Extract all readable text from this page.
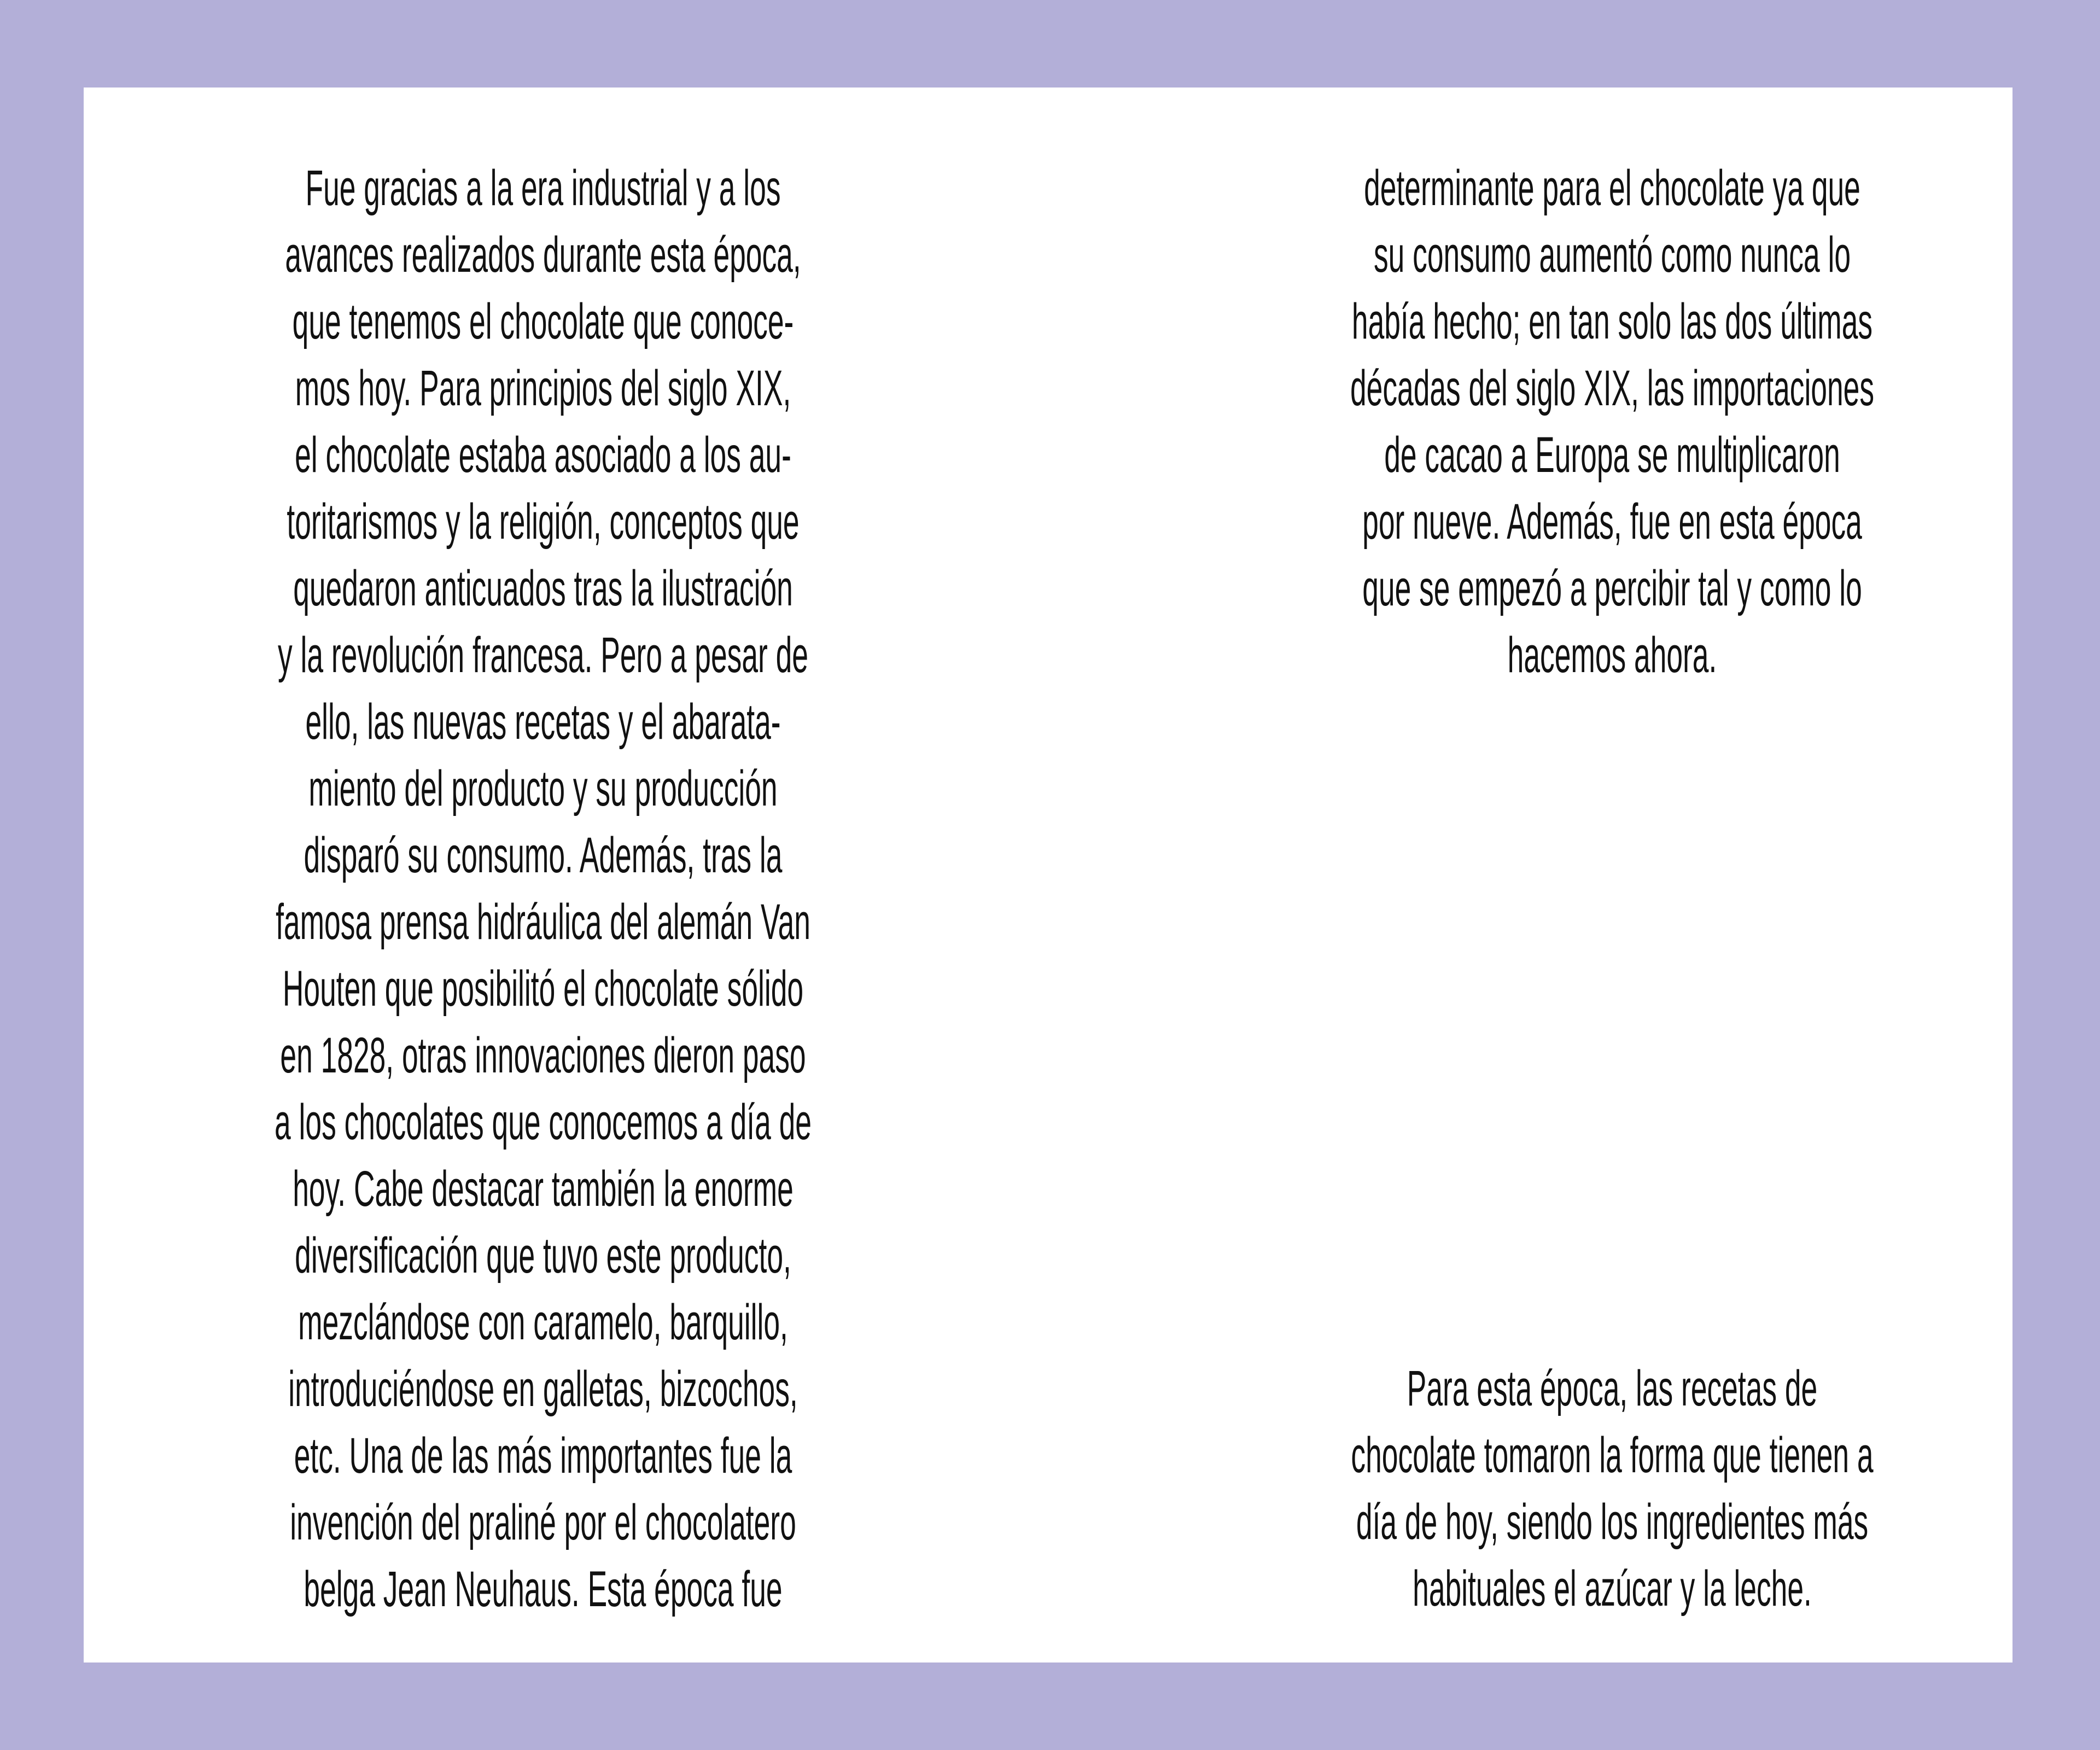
Fue gracias a la era industrial y a los
avances realizados durante esta época,
que tenemos el chocolate que conoce-
mos hoy. Para principios del siglo XIX,
el chocolate estaba asociado a los au-
toritarismos y la religión, conceptos que
quedaron anticuados tras la ilustración
y la revolución francesa. Pero a pesar de
ello, las nuevas recetas y el abarata-
miento del producto y su producción
disparó su consumo. Además, tras la
famosa prensa hidráulica del alemán Van
Houten que posibilitó el chocolate sólido
en 1828, otras innovaciones dieron paso
a los chocolates que conocemos a día de
hoy. Cabe destacar también la enorme
diversificación que tuvo este producto,
mezclándose con caramelo, barquillo,
introduciéndose en galletas, bizcochos,
etc. Una de las más importantes fue la
invención del praliné por el chocolatero
belga Jean Neuhaus. Esta época fue

determinante para el chocolate ya que
su consumo aumentó como nunca lo
había hecho; en tan solo las dos últimas
décadas del siglo XIX, las importaciones
de cacao a Europa se multiplicaron
por nueve. Además, fue en esta época
que se empezó a percibir tal y como lo
hacemos ahora.

Para esta época, las recetas de
chocolate tomaron la forma que tienen a
día de hoy, siendo los ingredientes más
habituales el azúcar y la leche.
